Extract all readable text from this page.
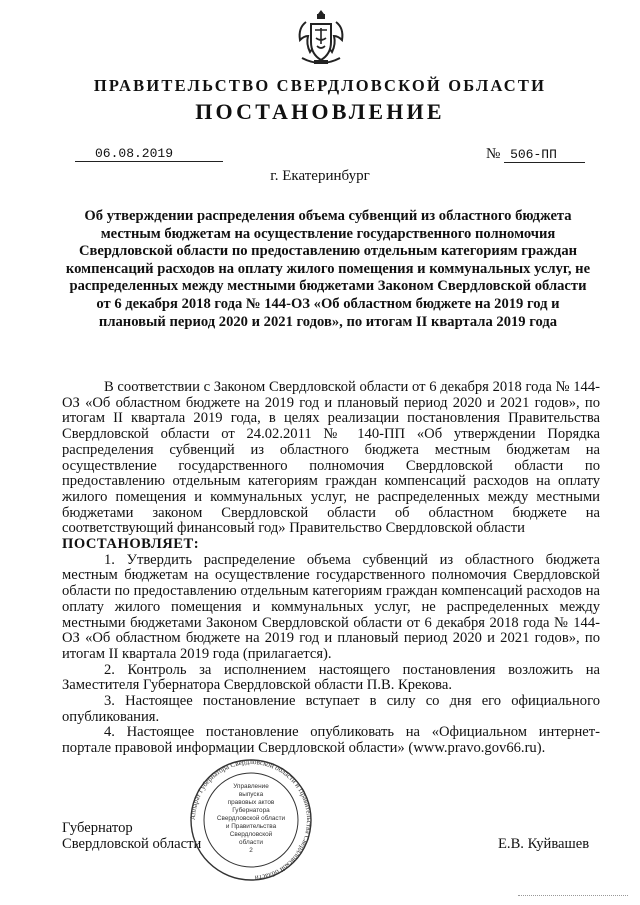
ПРАВИТЕЛЬСТВО СВЕРДЛОВСКОЙ ОБЛАСТИ
ПОСТАНОВЛЕНИЕ
06.08.2019	№ 506-ПП
г. Екатеринбург
Об утверждении распределения объема субвенций из областного бюджета местным бюджетам на осуществление государственного полномочия Свердловской области по предоставлению отдельным категориям граждан компенсаций расходов на оплату жилого помещения и коммунальных услуг, не распределенных между местными бюджетами Законом Свердловской области от 6 декабря 2018 года № 144-ОЗ «Об областном бюджете на 2019 год и плановый период 2020 и 2021 годов», по итогам II квартала 2019 года

В соответствии с Законом Свердловской области от 6 декабря 2018 года № 144-ОЗ «Об областном бюджете на 2019 год и плановый период 2020 и 2021 годов», по итогам II квартала 2019 года, в целях реализации постановления Правительства Свердловской области от 24.02.2011 № 140-ПП «Об утверждении Порядка распределения субвенций из областного бюджета местным бюджетам на осуществление государственного полномочия Свердловской области по предоставлению отдельным категориям граждан компенсаций расходов на оплату жилого помещения и коммунальных услуг, не распределенных между местными бюджетами законом Свердловской области об областном бюджете на соответствующий финансовый год» Правительство Свердловской области

ПОСТАНОВЛЯЕТ:

1. Утвердить распределение объема субвенций из областного бюджета местным бюджетам на осуществление государственного полномочия Свердловской области по предоставлению отдельным категориям граждан компенсаций расходов на оплату жилого помещения и коммунальных услуг, не распределенных между местными бюджетами Законом Свердловской области от 6 декабря 2018 года № 144-ОЗ «Об областном бюджете на 2019 год и плановый период 2020 и 2021 годов», по итогам II квартала 2019 года (прилагается).

2. Контроль за исполнением настоящего постановления возложить на Заместителя Губернатора Свердловской области П.В. Крекова.

3. Настоящее постановление вступает в силу со дня его официального опубликования.

4. Настоящее постановление опубликовать на «Официальном интернет-портале правовой информации Свердловской области» (www.pravo.gov66.ru).

Губернатор
Свердловской области	Е.В. Куйвашев
Аппарат Губернатора Свердловской области и Правительства Свердловской области
Управление
выпуска
правовых актов
Губернатора
Свердловской области
и Правительства
Свердловской
области
2
